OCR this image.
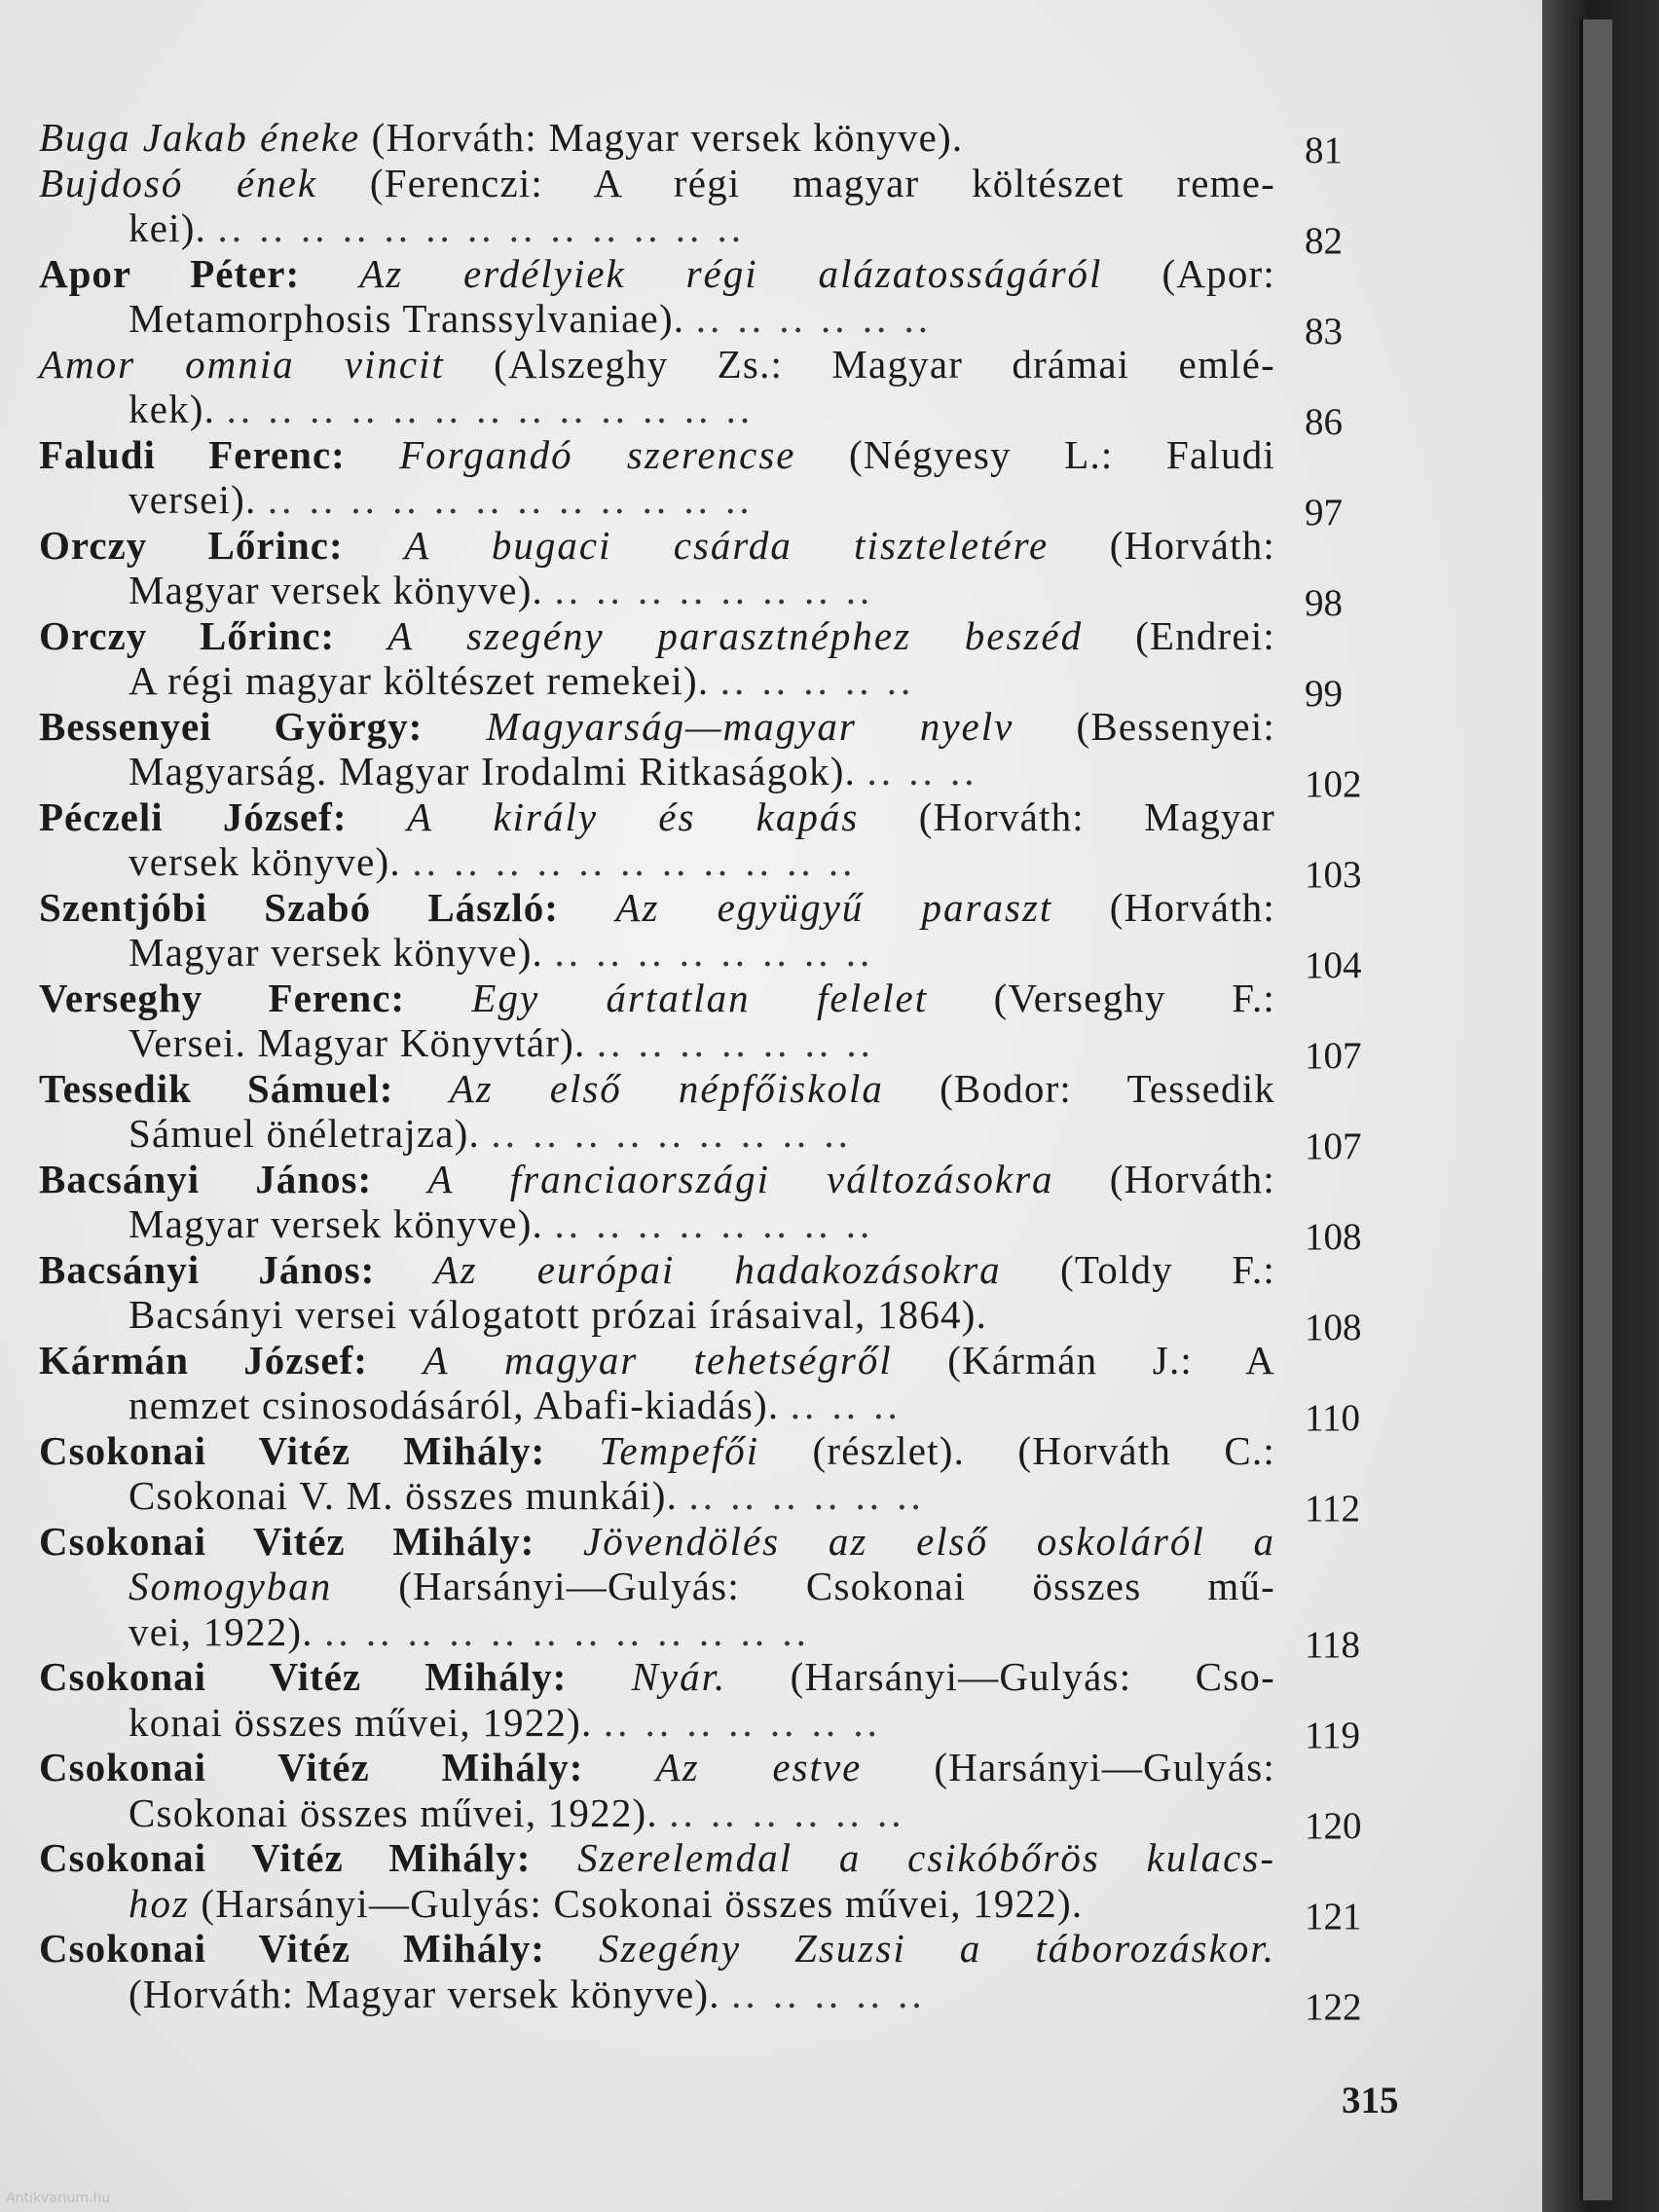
Buga Jakab éneke (Horváth: Magyar versek könyve).	81
Bujdosó ének (Ferenczi: A régi magyar költészet reme-
kei). .. .. .. .. .. .. .. .. .. .. .. .. ..	82
Apor Péter: Az erdélyiek régi alázatosságáról (Apor:
Metamorphosis Transsylvaniae). .. .. .. .. .. ..	83
Amor omnia vincit (Alszeghy Zs.: Magyar drámai emlé-
kek). .. .. .. .. .. .. .. .. .. .. .. .. ..	86
Faludi Ferenc: Forgandó szerencse (Négyesy L.: Faludi
versei). .. .. .. .. .. .. .. .. .. .. .. ..	97
Orczy Lőrinc: A bugaci csárda tiszteletére (Horváth:
Magyar versek könyve). .. .. .. .. .. .. .. ..	98
Orczy Lőrinc: A szegény parasztnéphez beszéd (Endrei:
A régi magyar költészet remekei). .. .. .. .. ..	99
Bessenyei György: Magyarság—magyar nyelv (Bessenyei:
Magyarság. Magyar Irodalmi Ritkaságok). .. .. ..	102
Péczeli József: A király és kapás (Horváth: Magyar
versek könyve). .. .. .. .. .. .. .. .. .. .. ..	103
Szentjóbi Szabó László: Az együgyű paraszt (Horváth:
Magyar versek könyve). .. .. .. .. .. .. .. ..	104
Verseghy Ferenc: Egy ártatlan felelet (Verseghy F.:
Versei. Magyar Könyvtár). .. .. .. .. .. .. ..	107
Tessedik Sámuel: Az első népfőiskola (Bodor: Tessedik
Sámuel önéletrajza). .. .. .. .. .. .. .. .. ..	107
Bacsányi János: A franciaországi változásokra (Horváth:
Magyar versek könyve). .. .. .. .. .. .. .. ..	108
Bacsányi János: Az európai hadakozásokra (Toldy F.:
Bacsányi versei válogatott prózai írásaival, 1864).	108
Kármán József: A magyar tehetségről (Kármán J.: A
nemzet csinosodásáról, Abafi-kiadás). .. .. ..	110
Csokonai Vitéz Mihály: Tempefői (részlet). (Horváth C.:
Csokonai V. M. összes munkái). .. .. .. .. .. ..	112
Csokonai Vitéz Mihály: Jövendölés az első oskoláról a
Somogyban (Harsányi—Gulyás: Csokonai összes mű-
vei, 1922). .. .. .. .. .. .. .. .. .. .. .. ..	118
Csokonai Vitéz Mihály: Nyár. (Harsányi—Gulyás: Cso-
konai összes művei, 1922). .. .. .. .. .. .. ..	119
Csokonai Vitéz Mihály: Az estve (Harsányi—Gulyás:
Csokonai összes művei, 1922). .. .. .. .. .. ..	120
Csokonai Vitéz Mihály: Szerelemdal a csikóbőrös kulacs-
hoz (Harsányi—Gulyás: Csokonai összes művei, 1922).	121
Csokonai Vitéz Mihály: Szegény Zsuzsi a táborozáskor.
(Horváth: Magyar versek könyve). .. .. .. .. ..	122
315
Antikvarium.hu
